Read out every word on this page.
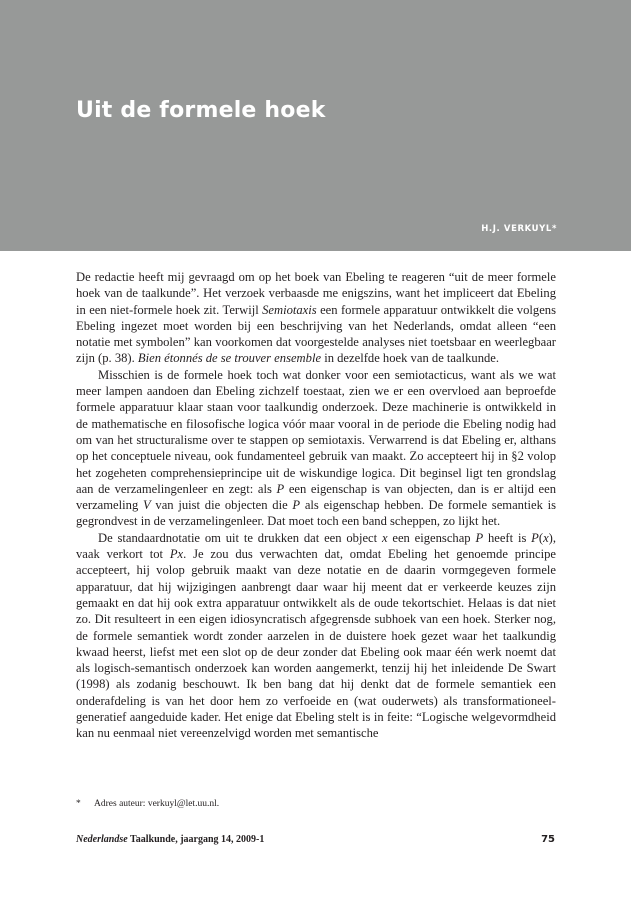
Uit de formele hoek
H.J. VERKUYL*

De redactie heeft mij gevraagd om op het boek van Ebeling te reageren “uit de meer formele hoek van de taalkunde”. Het verzoek verbaasde me enigszins, want het impliceert dat Ebeling in een niet-formele hoek zit. Terwijl Semiotaxis een formele apparatuur ontwikkelt die volgens Ebeling ingezet moet worden bij een beschrijving van het Nederlands, omdat alleen “een notatie met symbolen” kan voorkomen dat voorgestelde analyses niet toetsbaar en weerlegbaar zijn (p. 38). Bien étonnés de se trouver ensemble in dezelfde hoek van de taalkunde.

Misschien is de formele hoek toch wat donker voor een semiotacticus, want als we wat meer lampen aandoen dan Ebeling zichzelf toestaat, zien we er een overvloed aan beproefde formele apparatuur klaar staan voor taalkundig onderzoek. Deze machinerie is ontwikkeld in de mathematische en filosofische logica vóór maar vooral in de periode die Ebeling nodig had om van het structuralisme over te stappen op semiotaxis. Verwarrend is dat Ebeling er, althans op het conceptuele niveau, ook fundamenteel gebruik van maakt. Zo accepteert hij in §2 volop het zogeheten comprehensieprincipe uit de wiskundige logica. Dit beginsel ligt ten grondslag aan de verzamelingenleer en zegt: als P een eigenschap is van objecten, dan is er altijd een verzameling V van juist die objecten die P als eigenschap hebben. De formele semantiek is gegrondvest in de verzamelingenleer. Dat moet toch een band scheppen, zo lijkt het.

De standaardnotatie om uit te drukken dat een object x een eigenschap P heeft is P(x), vaak verkort tot Px. Je zou dus verwachten dat, omdat Ebeling het genoemde principe accepteert, hij volop gebruik maakt van deze notatie en de daarin vormgegeven formele apparatuur, dat hij wijzigingen aanbrengt daar waar hij meent dat er verkeerde keuzes zijn gemaakt en dat hij ook extra apparatuur ontwikkelt als de oude tekortschiet. Helaas is dat niet zo. Dit resulteert in een eigen idiosyncratisch afgegrensde subhoek van een hoek. Sterker nog, de formele semantiek wordt zonder aarzelen in de duistere hoek gezet waar het taalkundig kwaad heerst, liefst met een slot op de deur zonder dat Ebeling ook maar één werk noemt dat als logisch-semantisch onderzoek kan worden aangemerkt, tenzij hij het inleidende De Swart (1998) als zodanig beschouwt. Ik ben bang dat hij denkt dat de formele semantiek een onderafdeling is van het door hem zo verfoeide en (wat ouderwets) als transformationeel-generatief aangeduide kader. Het enige dat Ebeling stelt is in feite: “Logische welgevormdheid kan nu eenmaal niet vereenzelvigd worden met semantische

* Adres auteur: verkuyl@let.uu.nl.
Nederlandse Taalkunde, jaargang 14, 2009-1	75
